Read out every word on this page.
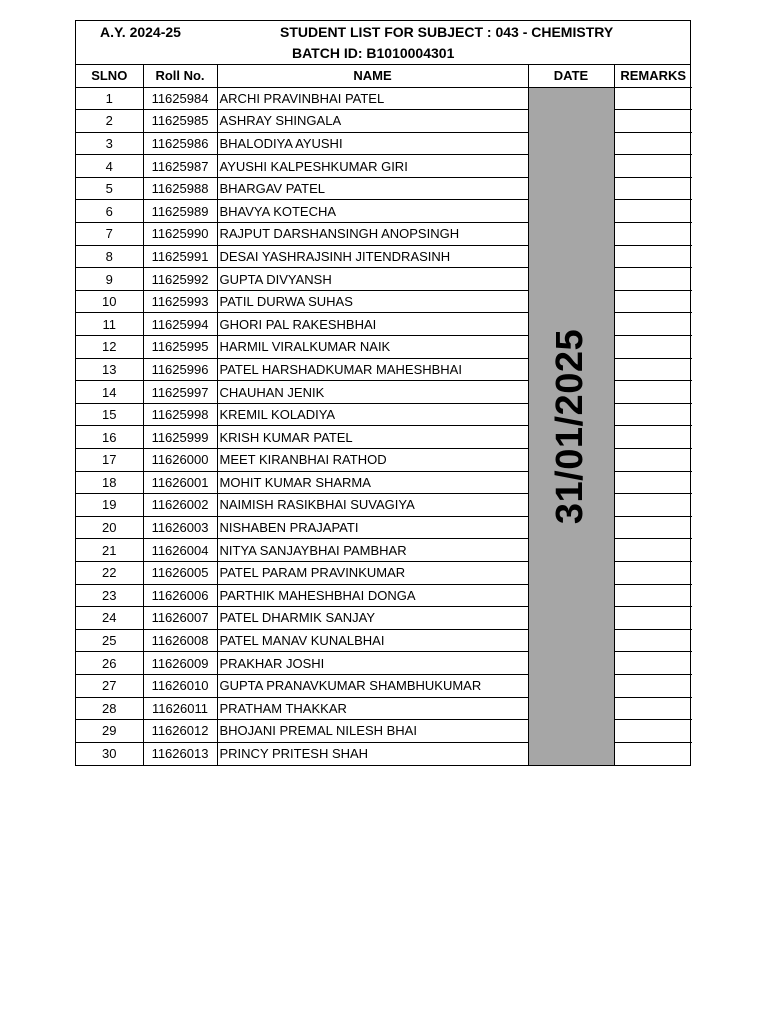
A.Y. 2024-25	STUDENT LIST FOR SUBJECT : 043 - CHEMISTRY
BATCH ID: B1010004301
SLNO	Roll No.	NAME	DATE	REMARKS
1	11625984	ARCHI PRAVINBHAI PATEL	31/01/2025	

2	11625985	ASHRAY SHINGALA		
3	11625986	BHALODIYA AYUSHI		
4	11625987	AYUSHI KALPESHKUMAR GIRI		
5	11625988	BHARGAV PATEL		
6	11625989	BHAVYA KOTECHA		
7	11625990	RAJPUT DARSHANSINGH ANOPSINGH		
8	11625991	DESAI YASHRAJSINH JITENDRASINH		
9	11625992	GUPTA DIVYANSH		
10	11625993	PATIL DURWA SUHAS		
11	11625994	GHORI PAL RAKESHBHAI		
12	11625995	HARMIL VIRALKUMAR NAIK		
13	11625996	PATEL HARSHADKUMAR MAHESHBHAI		
14	11625997	CHAUHAN JENIK		
15	11625998	KREMIL KOLADIYA		
16	11625999	KRISH KUMAR PATEL		
17	11626000	MEET KIRANBHAI RATHOD		
18	11626001	MOHIT KUMAR SHARMA		
19	11626002	NAIMISH RASIKBHAI SUVAGIYA		
20	11626003	NISHABEN PRAJAPATI		
21	11626004	NITYA SANJAYBHAI PAMBHAR		
22	11626005	PATEL PARAM PRAVINKUMAR		
23	11626006	PARTHIK MAHESHBHAI DONGA		
24	11626007	PATEL DHARMIK SANJAY		
25	11626008	PATEL MANAV KUNALBHAI		
26	11626009	PRAKHAR JOSHI		
27	11626010	GUPTA PRANAVKUMAR SHAMBHUKUMAR		
28	11626011	PRATHAM THAKKAR		
29	11626012	BHOJANI PREMAL NILESH BHAI		
30	11626013	PRINCY PRITESH SHAH		
